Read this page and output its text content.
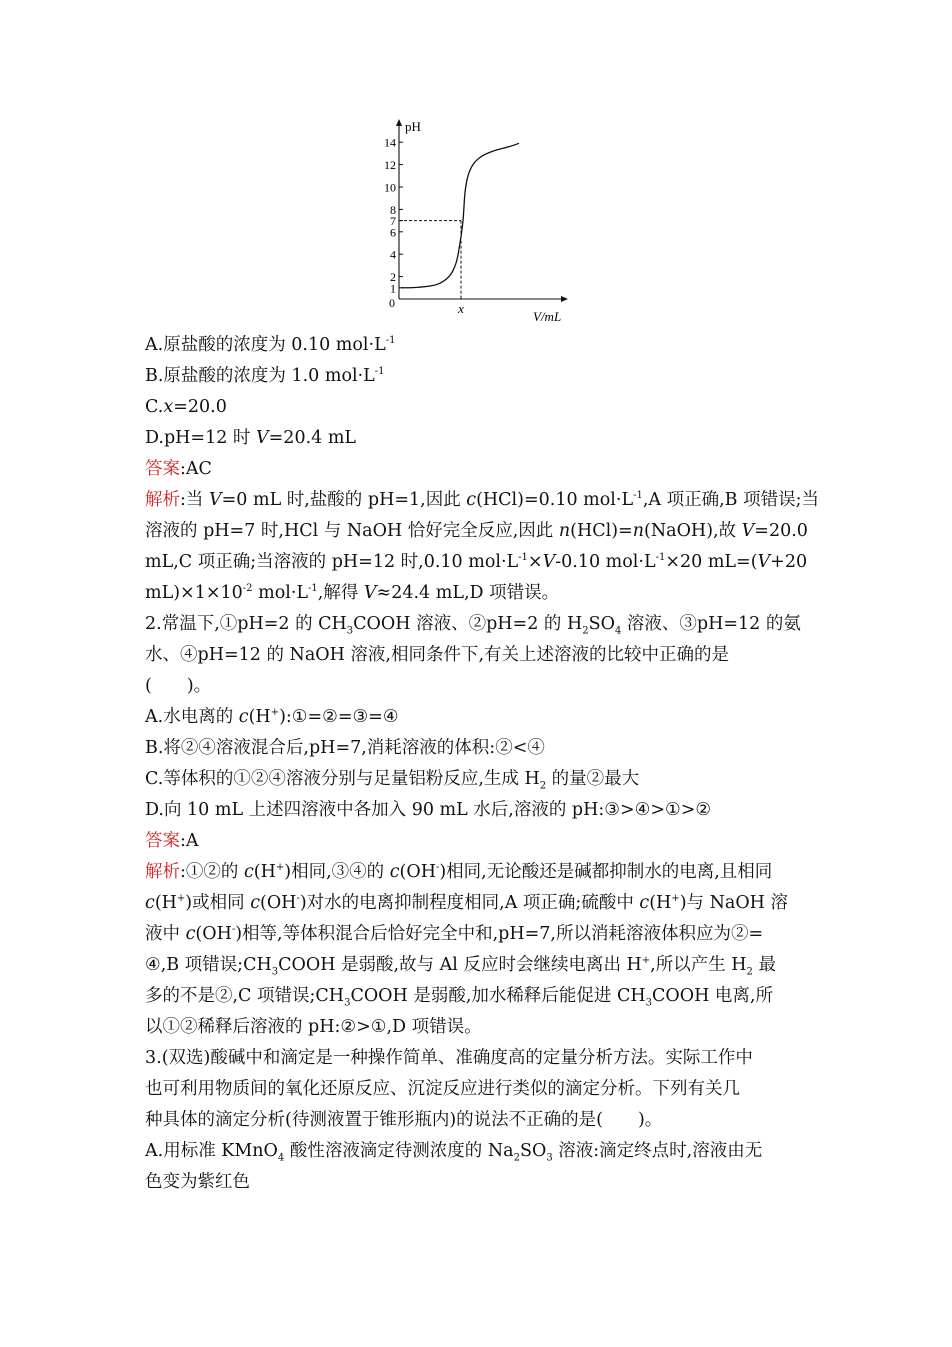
pH
V/mL
1
2
4
6
7
8
10
12
14
0	x
A.原盐酸的浓度为 0.10 $mol\cdot L^{-1}$
B.原盐酸的浓度为 1.0 $mol\cdot L^{-1}$
C.x=20.0
D.pH=12 时 V=20.4 mL
答案:AC
解析:当 V=0 mL 时,盐酸的 pH=1,因此 c(HCl)=0.10 $mol\cdot L^{-1},A$ 项正确,B 项错误;当
溶液的 pH=7 时,HCl 与 NaOH 恰好完全反应,因此 n(HCl)=n(NaOH),故 V=20.0
mL,C 项正确;当溶液的 pH=12 时,0.10 $mol\cdot L^{-1}\times V-0.10$ $mol\cdot L^{-1}\times 20$ mL=(V+20
$mL)\times 1\times 10^{-2}$ $mol\cdot L^{-1}$,解得 V≈24.4 mL,D 项错误。
2.常温下,①pH=2 的 $CH_3COOH$ 溶液、②pH=2 的 $H_2SO_4$ 溶液、③pH=12 的氨
水、④pH=12 的 NaOH 溶液,相同条件下,有关上述溶液的比较中正确的是
(　　)。
A.水电离的 c(H+):①=②=③=④
B.将②④溶液混合后,pH=7,消耗溶液的体积:②<④
C.等体积的①②④溶液分别与足量铝粉反应,生成 $H_2$ 的量②最大
D.向 10 mL 上述四溶液中各加入 90 mL 水后,溶液的 pH:③>④>①>②
答案:A
解析:①②的 c(H+)相同,③④的 c(OH-)相同,无论酸还是碱都抑制水的电离,且相同
c(H+)或相同 c(OH-)对水的电离抑制程度相同,A 项正确;硫酸中 c(H+)与 NaOH 溶
液中 c(OH-)相等,等体积混合后恰好完全中和,pH=7,所以消耗溶液体积应为②=
④,B 项错误$;CH_3COOH$ 是弱酸,故与 Al 反应时会继续电离出 H+,所以产生 $H_2$ 最
多的不是②,C 项错误$;CH_3COOH$ 是弱酸,加水稀释后能促进 $CH_3COOH$ 电离,所
以①②稀释后溶液的 pH:②>①,D 项错误。
3.(双选)酸碱中和滴定是一种操作简单、准确度高的定量分析方法。实际工作中
也可利用物质间的氧化还原反应、沉淀反应进行类似的滴定分析。下列有关几
种具体的滴定分析(待测液置于锥形瓶内)的说法不正确的是(　　)。
A.用标准 KMnO$_4$ 酸性溶液滴定待测浓度的 $Na_2SO_3$ 溶液:滴定终点时,溶液由无
色变为紫红色
